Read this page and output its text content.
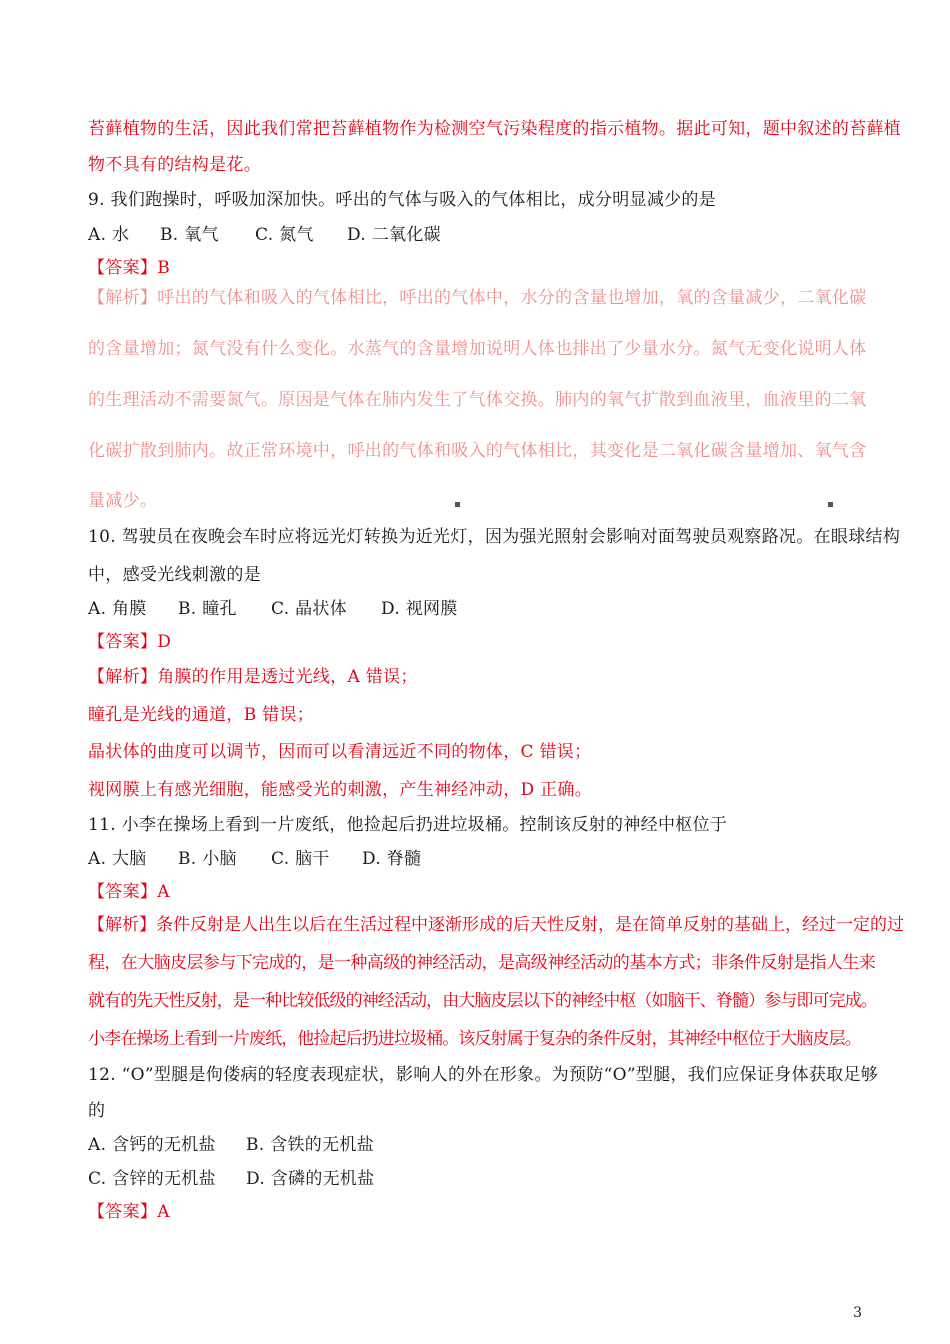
苔藓植物的生活，因此我们常把苔藓植物作为检测空气污染程度的指示植物。据此可知，题中叙述的苔藓植
物不具有的结构是花。
9. 我们跑操时，呼吸加深加快。呼出的气体与吸入的气体相比，成分明显减少的是
A. 水 B. 氧气 C. 氮气 D. 二氧化碳
【答案】B
【解析】呼出的气体和吸入的气体相比，呼出的气体中，水分的含量也增加，氧的含量减少，二氧化碳
的含量增加；氮气没有什么变化。水蒸气的含量增加说明人体也排出了少量水分。氮气无变化说明人体
的生理活动不需要氮气。原因是气体在肺内发生了气体交换。肺内的氧气扩散到血液里，血液里的二氧
化碳扩散到肺内。故正常环境中，呼出的气体和吸入的气体相比，其变化是二氧化碳含量增加、氧气含
量减少。
10. 驾驶员在夜晚会车时应将远光灯转换为近光灯，因为强光照射会影响对面驾驶员观察路况。在眼球结构
中，感受光线刺激的是
A. 角膜 B. 瞳孔 C. 晶状体 D. 视网膜
【答案】D
【解析】角膜的作用是透过光线，A 错误；
瞳孔是光线的通道，B 错误；
晶状体的曲度可以调节，因而可以看清远近不同的物体，C 错误；
视网膜上有感光细胞，能感受光的刺激，产生神经冲动，D 正确。
11. 小李在操场上看到一片废纸，他捡起后扔进垃圾桶。控制该反射的神经中枢位于
A. 大脑 B. 小脑 C. 脑干 D. 脊髓
【答案】A
【解析】条件反射是人出生以后在生活过程中逐渐形成的后天性反射，是在简单反射的基础上，经过一定的过
程，在大脑皮层参与下完成的，是一种高级的神经活动，是高级神经活动的基本方式；非条件反射是指人生来
就有的先天性反射，是一种比较低级的神经活动，由大脑皮层以下的神经中枢（如脑干、脊髓）参与即可完成。
小李在操场上看到一片废纸，他捡起后扔进垃圾桶。该反射属于复杂的条件反射，其神经中枢位于大脑皮层。
12. “O”型腿是佝偻病的轻度表现症状，影响人的外在形象。为预防“O”型腿，我们应保证身体获取足够
的
A. 含钙的无机盐 B. 含铁的无机盐
C. 含锌的无机盐 D. 含磷的无机盐
【答案】A
3
